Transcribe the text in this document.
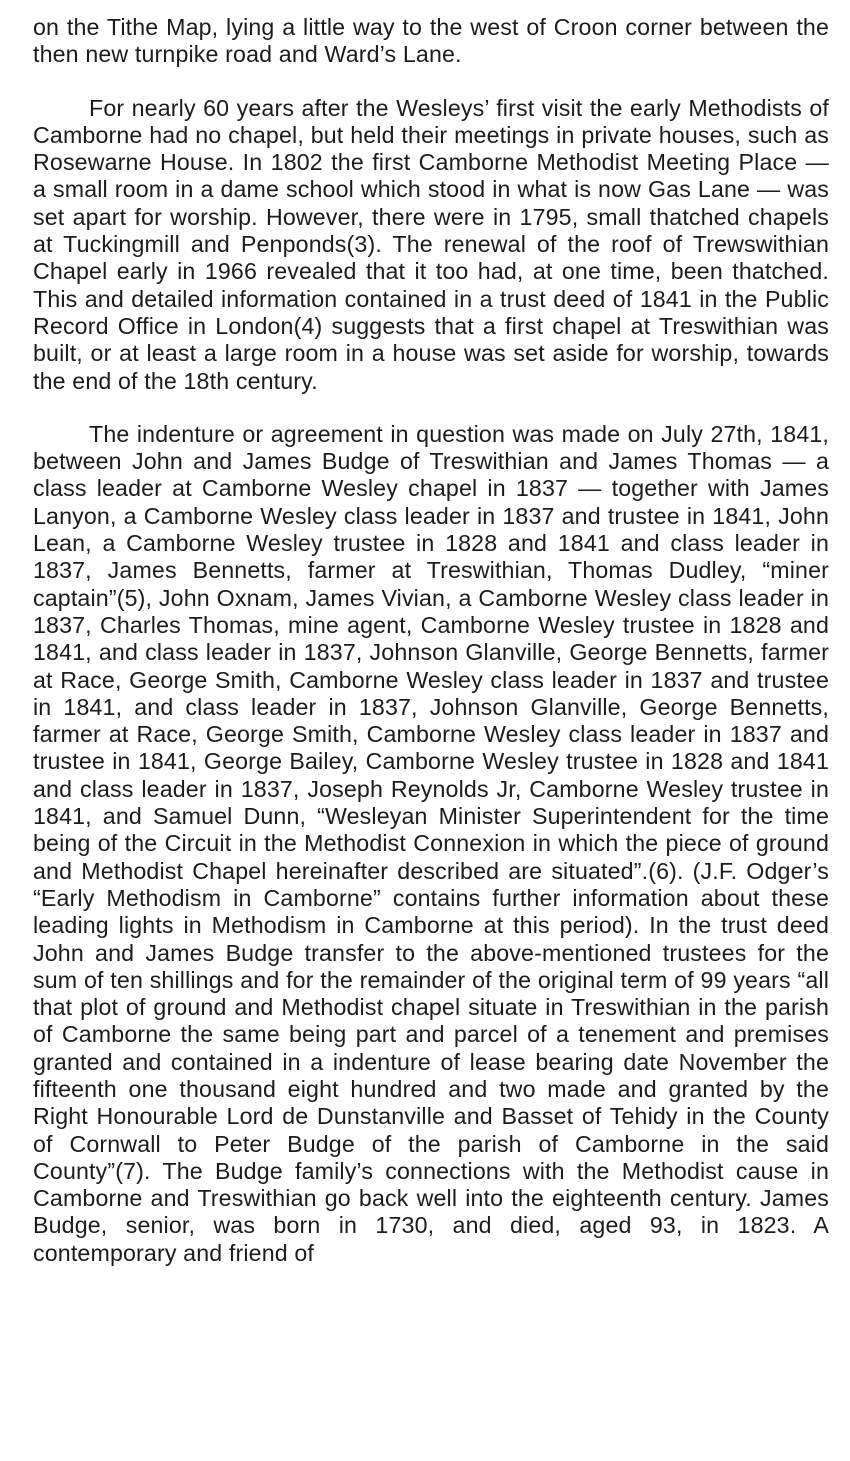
on the Tithe Map, lying a little way to the west of Croon corner between the then new turnpike road and Ward’s Lane.

For nearly 60 years after the Wesleys’ first visit the early Methodists of Camborne had no chapel, but held their meetings in private houses, such as Rosewarne House. In 1802 the first Camborne Methodist Meeting Place — a small room in a dame school which stood in what is now Gas Lane — was set apart for worship. However, there were in 1795, small thatched chapels at Tuckingmill and Penponds(3). The renewal of the roof of Trewswithian Chapel early in 1966 revealed that it too had, at one time, been thatched. This and detailed information contained in a trust deed of 1841 in the Public Record Office in London(4) suggests that a first chapel at Treswithian was built, or at least a large room in a house was set aside for worship, towards the end of the 18th century.

The indenture or agreement in question was made on July 27th, 1841, between John and James Budge of Treswithian and James Thomas — a class leader at Camborne Wesley chapel in 1837 — together with James Lanyon, a Camborne Wesley class leader in 1837 and trustee in 1841, John Lean, a Camborne Wesley trustee in 1828 and 1841 and class leader in 1837, James Bennetts, farmer at Treswithian, Thomas Dudley, “miner captain”(5), John Oxnam, James Vivian, a Camborne Wesley class leader in 1837, Charles Thomas, mine agent, Camborne Wesley trustee in 1828 and 1841, and class leader in 1837, Johnson Glanville, George Bennetts, farmer at Race, George Smith, Camborne Wesley class leader in 1837 and trustee in 1841, and class leader in 1837, Johnson Glanville, George Bennetts, farmer at Race, George Smith, Camborne Wesley class leader in 1837 and trustee in 1841, George Bailey, Camborne Wesley trustee in 1828 and 1841 and class leader in 1837, Joseph Reynolds Jr, Camborne Wesley trustee in 1841, and Samuel Dunn, “Wesleyan Minister Superintendent for the time being of the Circuit in the Methodist Connexion in which the piece of ground and Methodist Chapel hereinafter described are situated”.(6). (J.F. Odger’s “Early Methodism in Camborne” contains further information about these leading lights in Methodism in Camborne at this period). In the trust deed John and James Budge transfer to the above-mentioned trustees for the sum of ten shillings and for the remainder of the original term of 99 years “all that plot of ground and Methodist chapel situate in Treswithian in the parish of Camborne the same being part and parcel of a tenement and premises granted and contained in a indenture of lease bearing date November the fifteenth one thousand eight hundred and two made and granted by the Right Honourable Lord de Dunstanville and Basset of Tehidy in the County of Cornwall to Peter Budge of the parish of Camborne in the said County”(7). The Budge family’s connections with the Methodist cause in Camborne and Treswithian go back well into the eighteenth century. James Budge, senior, was born in 1730, and died, aged 93, in 1823. A contemporary and friend of
